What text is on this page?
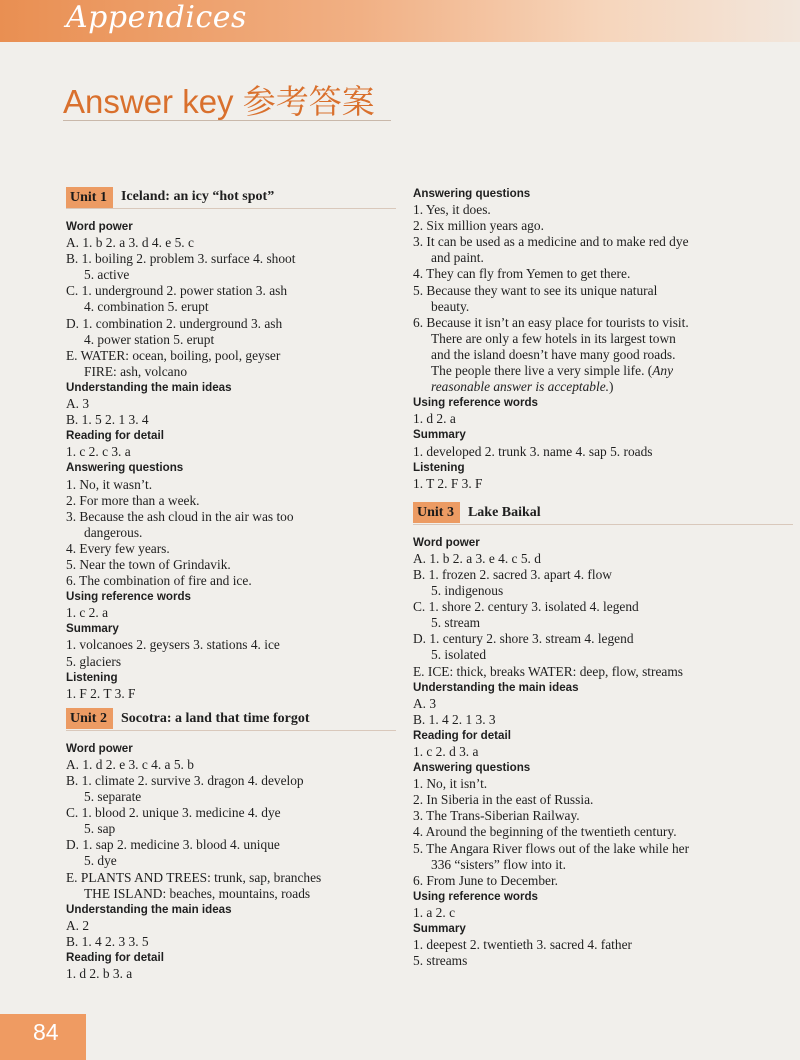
Appendices
Answer key 参考答案
Unit 1	Iceland: an icy “hot spot”
Word power
A. 1. b 2. a 3. d 4. e 5. c
B. 1. boiling 2. problem 3. surface 4. shoot
5. active
C. 1. underground 2. power station 3. ash
4. combination 5. erupt
D. 1. combination 2. underground 3. ash
4. power station 5. erupt
E. WATER: ocean, boiling, pool, geyser
FIRE: ash, volcano
Understanding the main ideas
A. 3
B. 1. 5 2. 1 3. 4
Reading for detail
1. c 2. c 3. a
Answering questions
1. No, it wasn’t.
2. For more than a week.
3. Because the ash cloud in the air was too
dangerous.
4. Every few years.
5. Near the town of Grindavik.
6. The combination of fire and ice.
Using reference words
1. c 2. a
Summary
1. volcanoes 2. geysers 3. stations 4. ice
5. glaciers
Listening
1. F 2. T 3. F
Unit 2	Socotra: a land that time forgot
Word power
A. 1. d 2. e 3. c 4. a 5. b
B. 1. climate 2. survive 3. dragon 4. develop
5. separate
C. 1. blood 2. unique 3. medicine 4. dye
5. sap
D. 1. sap 2. medicine 3. blood 4. unique
5. dye
E. PLANTS AND TREES: trunk, sap, branches
THE ISLAND: beaches, mountains, roads
Understanding the main ideas
A. 2
B. 1. 4 2. 3 3. 5
Reading for detail
1. d 2. b 3. a
Answering questions
1. Yes, it does.
2. Six million years ago.
3. It can be used as a medicine and to make red dye
and paint.
4. They can fly from Yemen to get there.
5. Because they want to see its unique natural
beauty.
6. Because it isn’t an easy place for tourists to visit.
There are only a few hotels in its largest town
and the island doesn’t have many good roads.
The people there live a very simple life. (Any
reasonable answer is acceptable.)
Using reference words
1. d 2. a
Summary
1. developed 2. trunk 3. name 4. sap 5. roads
Listening
1. T 2. F 3. F
Unit 3	Lake Baikal
Word power
A. 1. b 2. a 3. e 4. c 5. d
B. 1. frozen 2. sacred 3. apart 4. flow
5. indigenous
C. 1. shore 2. century 3. isolated 4. legend
5. stream
D. 1. century 2. shore 3. stream 4. legend
5. isolated
E. ICE: thick, breaks WATER: deep, flow, streams
Understanding the main ideas
A. 3
B. 1. 4 2. 1 3. 3
Reading for detail
1. c 2. d 3. a
Answering questions
1. No, it isn’t.
2. In Siberia in the east of Russia.
3. The Trans-Siberian Railway.
4. Around the beginning of the twentieth century.
5. The Angara River flows out of the lake while her
336 “sisters” flow into it.
6. From June to December.
Using reference words
1. a 2. c
Summary
1. deepest 2. twentieth 3. sacred 4. father
5. streams
84
